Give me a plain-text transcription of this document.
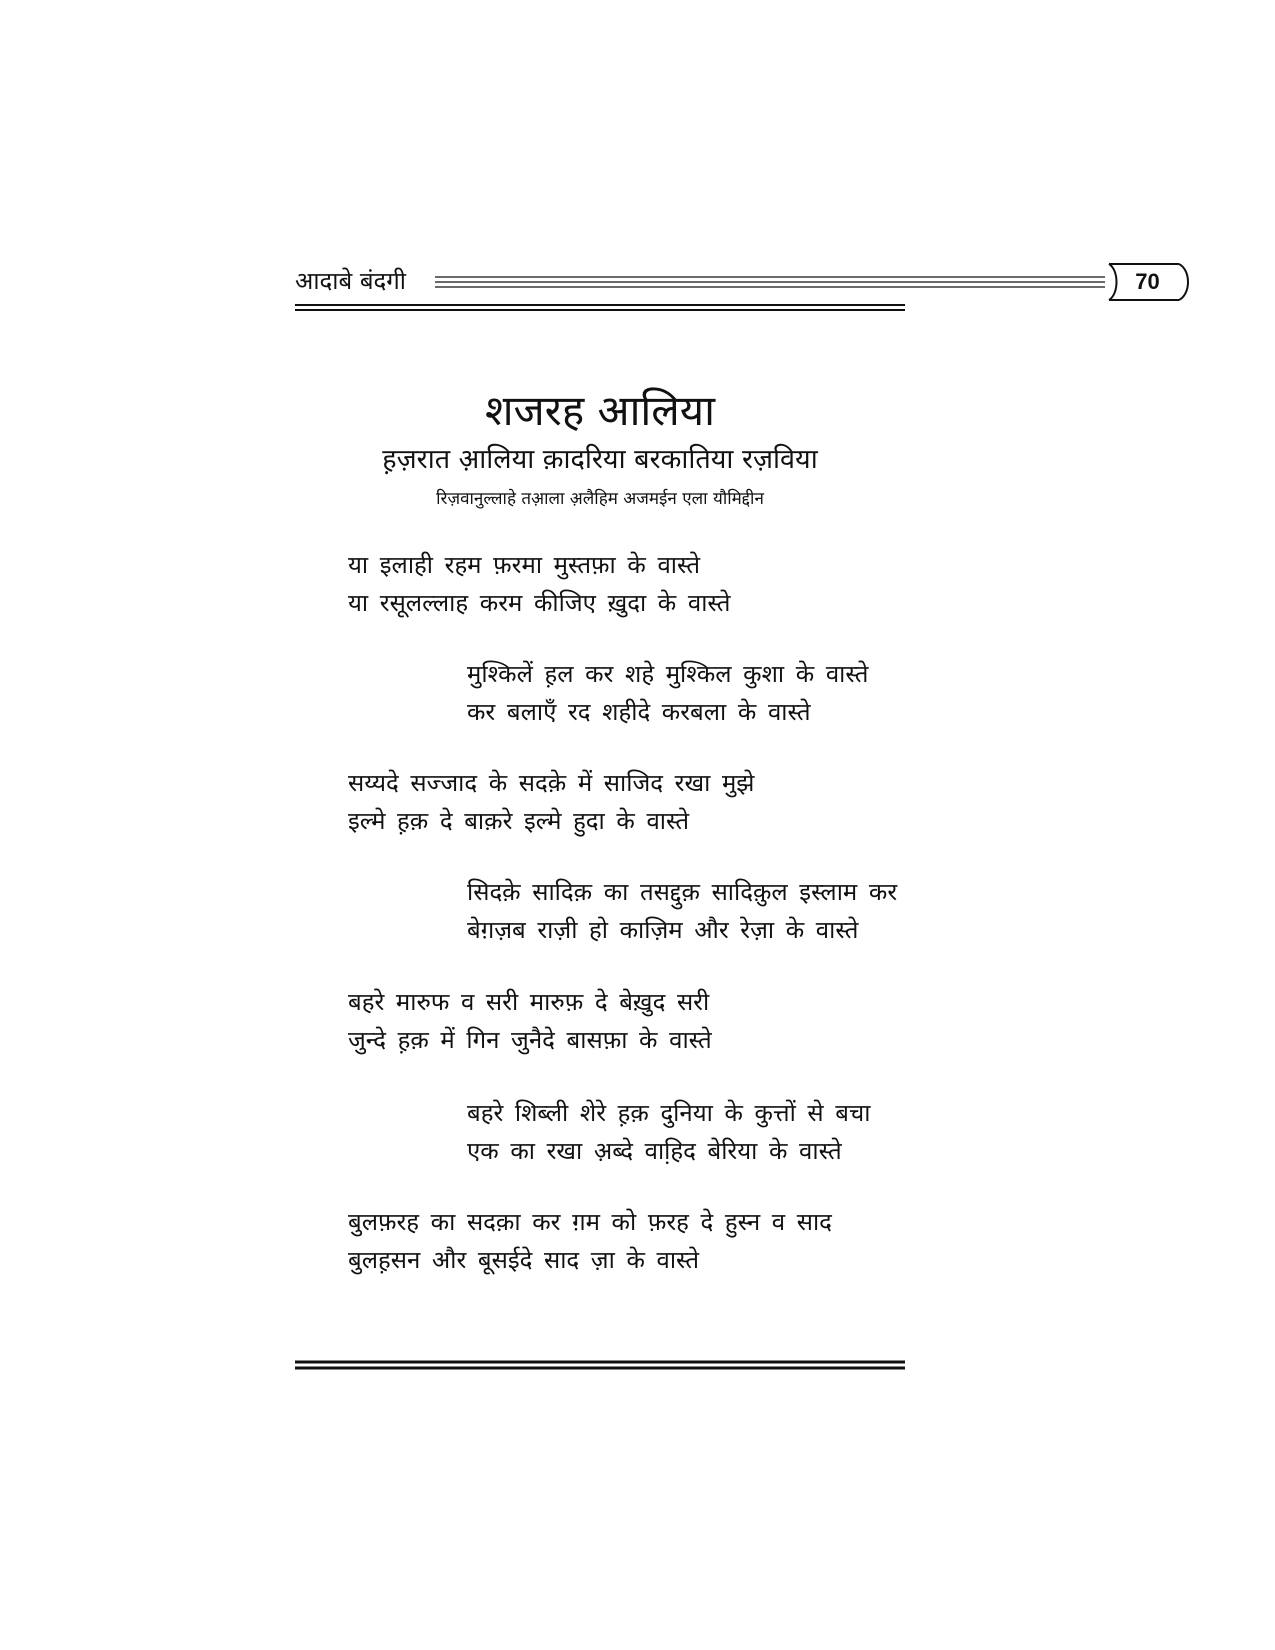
आदाबे बंदगी	70
शजरह आलिया
ह़ज़रात आ़लिया क़ादरिया बरकातिया रज़विया
रिज़वानुल्लाहे तआ़ला अ़लैहिम अजमईन एला यौमिद्दीन
या इलाही रहम फ़रमा मुस्तफ़ा के वास्ते
या रसूलल्लाह करम कीजिए ख़ुदा के वास्ते
मुश्किलें ह़ल कर शहे मुश्किल कुशा के वास्ते
कर बलाएँ रद शहीदे करबला के वास्ते
सय्यदे सज्जाद के सदक़े में साजिद रखा मुझे
इल्मे ह़क़ दे बाक़रे इल्मे हुदा के वास्ते
सिदक़े सादिक़ का तसद्दुक़ सादिक़ुल इस्लाम कर
बेग़ज़ब राज़ी हो काज़िम और रेज़ा के वास्ते
बहरे मारुफ व सरी मारुफ़ दे बेख़ुद सरी
जुन्दे ह़क़ में गिन जुनैदे बासफ़ा के वास्ते
बहरे शिब्ली शेरे ह़क़ दुनिया के कुत्तों से बचा
एक का रखा अ़ब्दे वाहि़द बेरिया के वास्ते
बुलफ़रह का सदक़ा कर ग़म को फ़रह दे हुस्न व साद
बुलह़सन और बूसईदे साद ज़ा के वास्ते
